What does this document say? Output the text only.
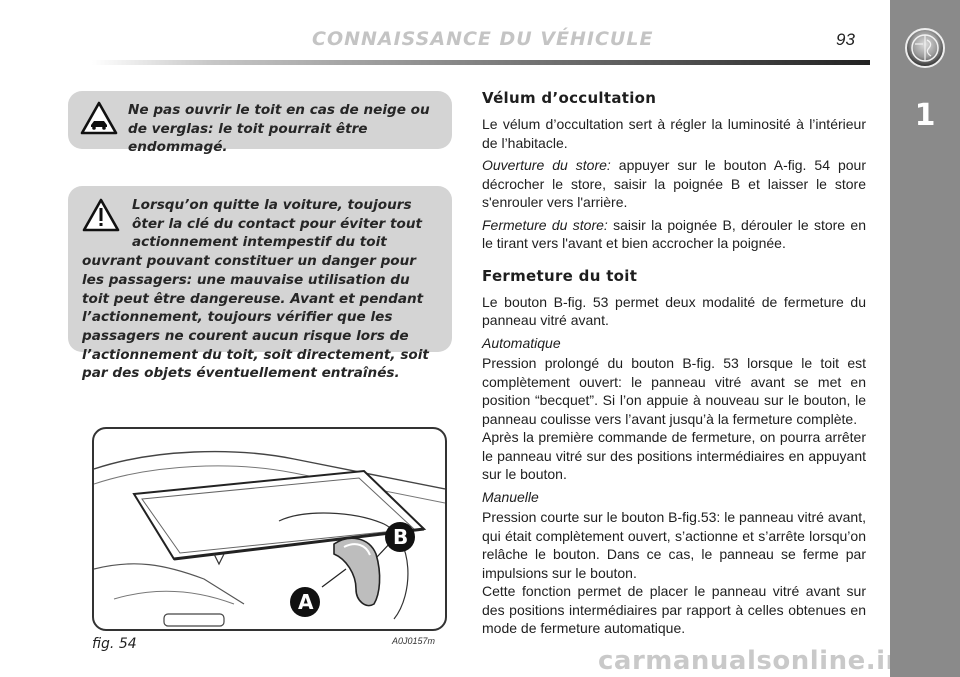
CONNAISSANCE DU VÉHICULE	93
1
Ne pas ouvrir le toit en cas de neige ou de verglas: le toit pourrait être endommagé.
Lorsqu’on quitte la voiture, toujours ôter la clé du contact pour éviter tout actionnement intempestif du toit ouvrant pouvant constituer un danger pour les passagers: une mauvaise utilisation du toit peut être dangereuse. Avant et pendant l’actionnement, toujours vérifier que les passagers ne courent aucun risque lors de l’actionnement du toit, soit directement, soit par des objets éventuellement entraînés.
B
A
fig. 54	A0J0157m
Vélum d’occultation

Le vélum d’occultation sert à régler la luminosité à l’intérieur de l’habitacle.

Ouverture du store: appuyer sur le bouton A-fig. 54 pour décrocher le store, saisir la poignée B et laisser le store s'enrouler vers l'arrière.

Fermeture du store: saisir la poignée B, dérouler le store en le tirant vers l'avant et bien accrocher la poignée.

Fermeture du toit

Le bouton B-fig. 53 permet deux modalité de fermeture du panneau vitré avant.

Automatique

Pression prolongé du bouton B-fig. 53 lorsque le toit est complètement ouvert: le panneau vitré avant se met en position “becquet”. Si l’on appuie à nouveau sur le bouton, le panneau coulisse vers l’avant jusqu’à la fermeture complète.

Après la première commande de fermeture, on pourra arrêter le panneau vitré sur des positions intermédiaires en appuyant sur le bouton.

Manuelle

Pression courte sur le bouton B-fig.53: le panneau vitré avant, qui était complètement ouvert, s’actionne et s’arrête lorsqu’on relâche le bouton. Dans ce cas, le panneau se ferme par impulsions sur le bouton.

Cette fonction permet de placer le panneau vitré avant sur des positions intermédiaires par rapport à celles obtenues en mode de fermeture automatique.

carmanualsonline.info
